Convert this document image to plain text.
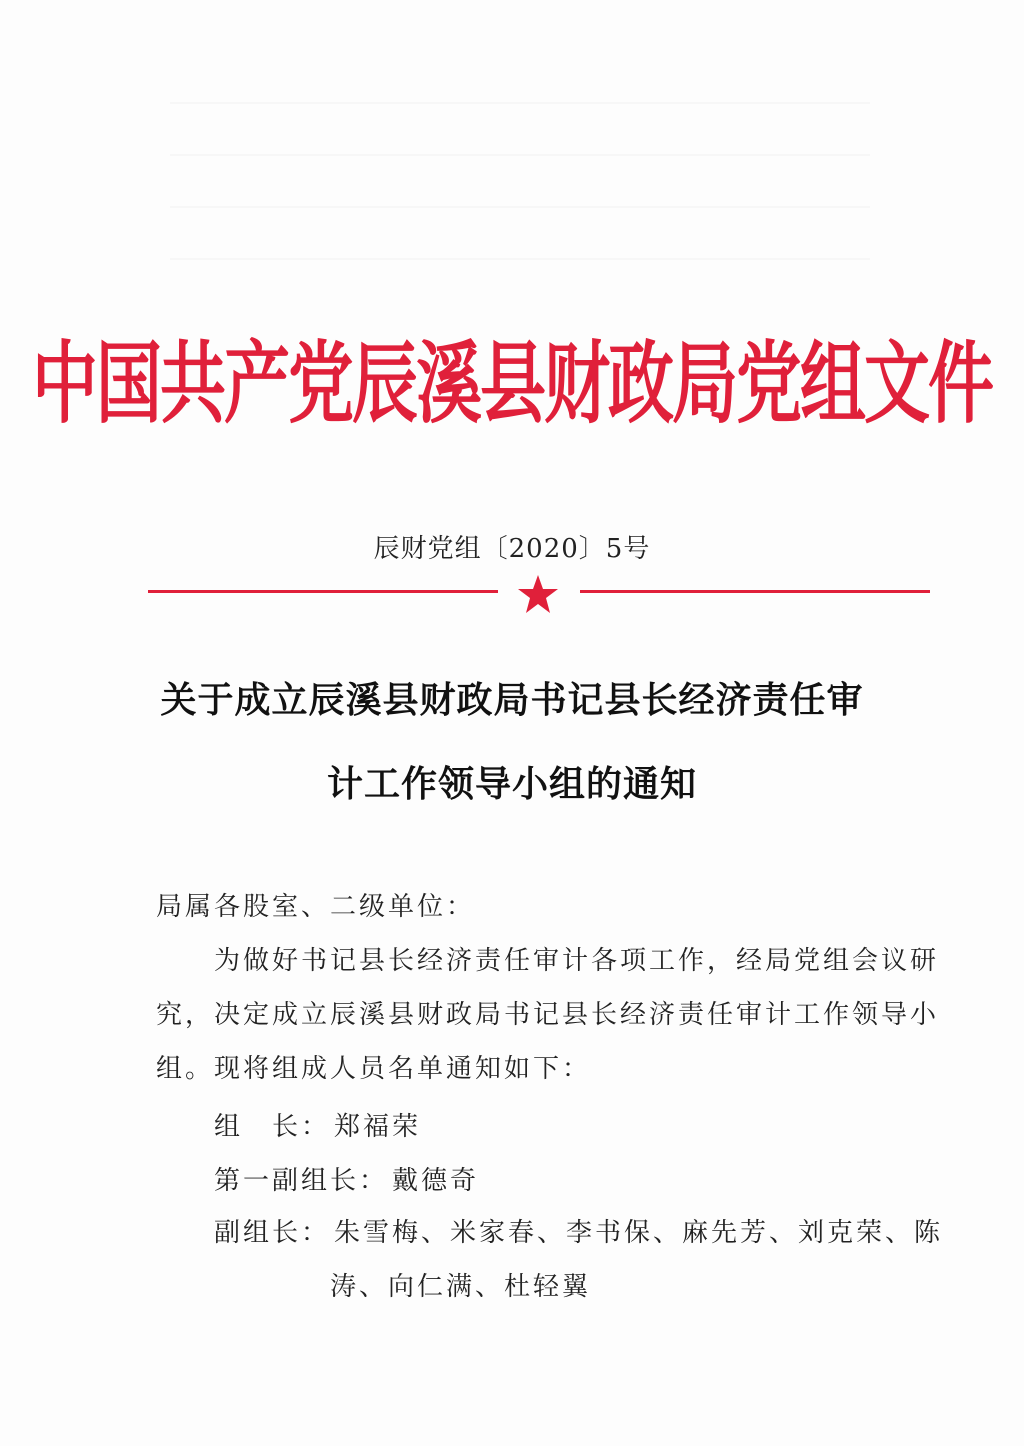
中国共产党辰溪县财政局党组文件
辰财党组〔2020〕5号
关于成立辰溪县财政局书记县长经济责任审
计工作领导小组的通知
局属各股室、二级单位：
为做好书记县长经济责任审计各项工作，经局党组会议研
究，决定成立辰溪县财政局书记县长经济责任审计工作领导小
组。现将组成人员名单通知如下：
组　长： 郑福荣
第一副组长： 戴德奇
副组长： 朱雪梅、米家春、李书保、麻先芳、刘克荣、陈
涛、向仁满、杜轻翼
